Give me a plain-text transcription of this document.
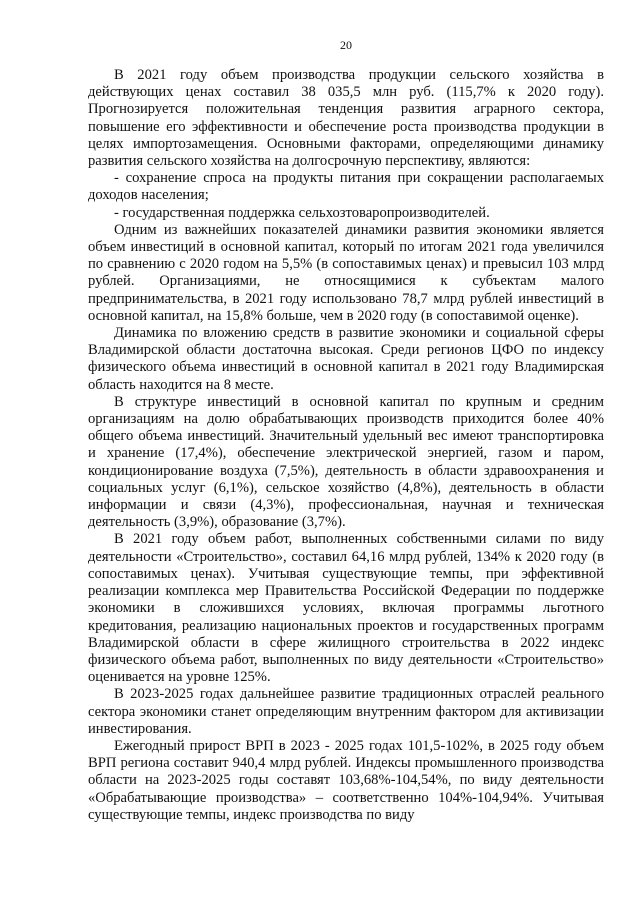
20

В 2021 году объем производства продукции сельского хозяйства в действующих ценах составил 38 035,5 млн руб. (115,7% к 2020 году). Прогнозируется положительная тенденция развития аграрного сектора, повышение его эффективности и обеспечение роста производства продукции в целях импортозамещения. Основными факторами, определяющими динамику развития сельского хозяйства на долгосрочную перспективу, являются:

- сохранение спроса на продукты питания при сокращении располагаемых доходов населения;

- государственная поддержка сельхозтоваропроизводителей.

Одним из важнейших показателей динамики развития экономики является объем инвестиций в основной капитал, который по итогам 2021 года увеличился по сравнению с 2020 годом на 5,5% (в сопоставимых ценах) и превысил 103 млрд рублей. Организациями, не относящимися к субъектам малого предпринимательства, в 2021 году использовано 78,7 млрд рублей инвестиций в основной капитал, на 15,8% больше, чем в 2020 году (в сопоставимой оценке).

Динамика по вложению средств в развитие экономики и социальной сферы Владимирской области достаточна высокая. Среди регионов ЦФО по индексу физического объема инвестиций в основной капитал в 2021 году Владимирская область находится на 8 месте.

В структуре инвестиций в основной капитал по крупным и средним организациям на долю обрабатывающих производств приходится более 40% общего объема инвестиций. Значительный удельный вес имеют транспортировка и хранение (17,4%), обеспечение электрической энергией, газом и паром, кондиционирование воздуха (7,5%), деятельность в области здравоохранения и социальных услуг (6,1%), сельское хозяйство (4,8%), деятельность в области информации и связи (4,3%), профессиональная, научная и техническая деятельность (3,9%), образование (3,7%).

В 2021 году объем работ, выполненных собственными силами по виду деятельности «Строительство», составил 64,16 млрд рублей, 134% к 2020 году (в сопоставимых ценах). Учитывая существующие темпы, при эффективной реализации комплекса мер Правительства Российской Федерации по поддержке экономики в сложившихся условиях, включая программы льготного кредитования, реализацию национальных проектов и государственных программ Владимирской области в сфере жилищного строительства в 2022 индекс физического объема работ, выполненных по виду деятельности «Строительство» оценивается на уровне 125%.

В 2023-2025 годах дальнейшее развитие традиционных отраслей реального сектора экономики станет определяющим внутренним фактором для активизации инвестирования.

Ежегодный прирост ВРП в 2023 - 2025 годах 101,5-102%, в 2025 году объем ВРП региона составит 940,4 млрд рублей. Индексы промышленного производства области на 2023-2025 годы составят 103,68%-104,54%, по виду деятельности «Обрабатывающие производства» – соответственно 104%-104,94%. Учитывая существующие темпы, индекс производства по виду
